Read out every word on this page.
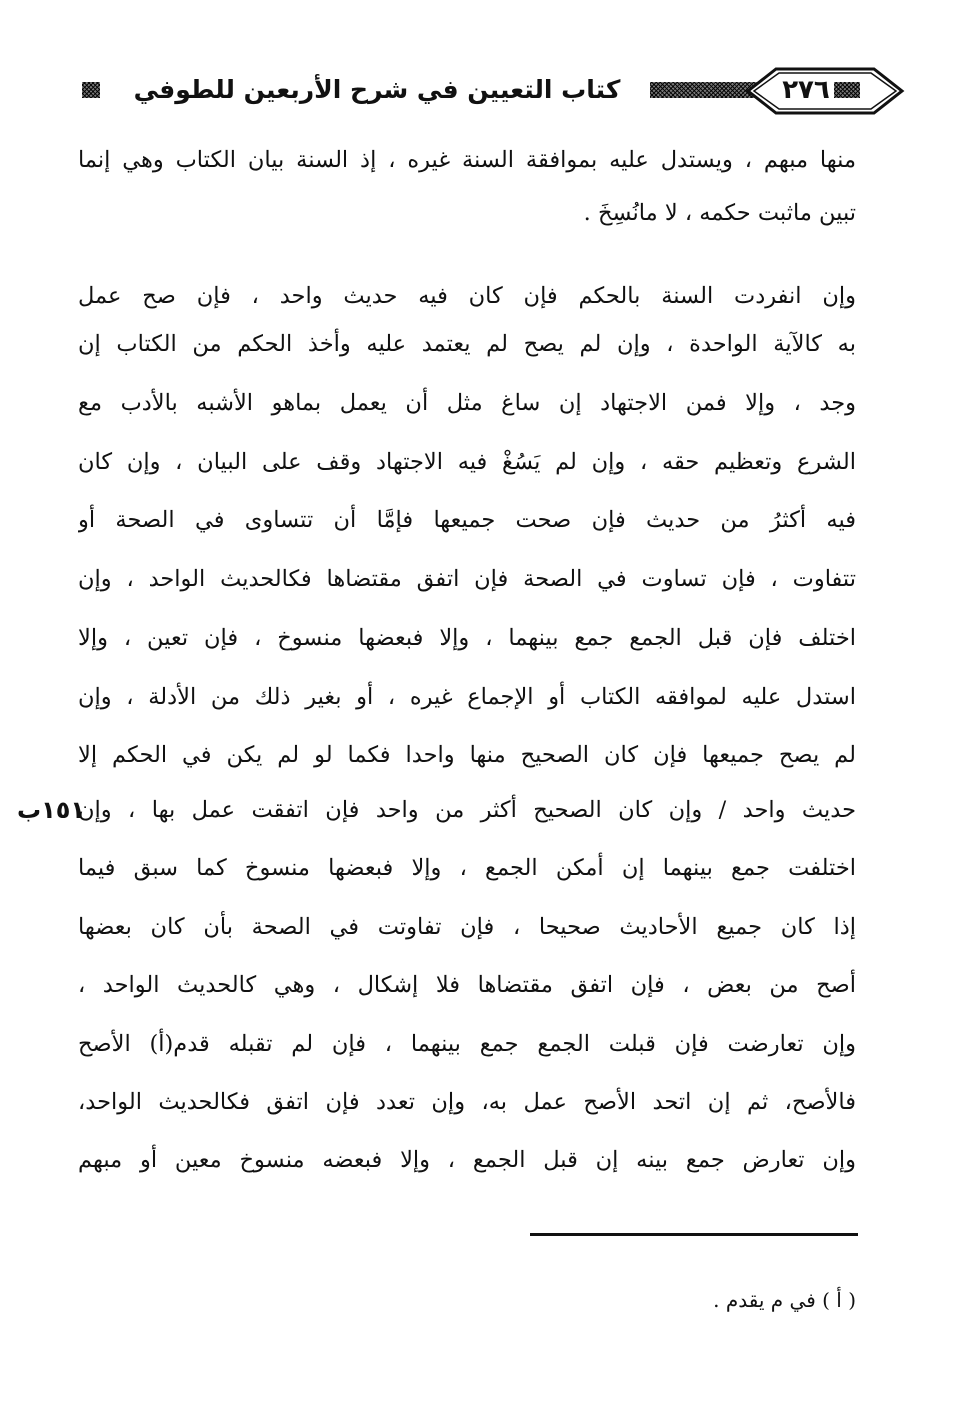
كتاب التعيين في شرح الأربعين للطوفي	٢٧٦
منها مبهم ، ويستدل عليه بموافقة السنة غيره ، إذ السنة بيان الكتاب وهي إنما
تبين ماثبت حكمه ، لا مانُسِخَ .
وإن انفردت السنة بالحكم فإن كان فيه حديث واحد ، فإن صح عمل
به كالآية الواحدة ، وإن لم يصح لم يعتمد عليه وأخذ الحكم من الكتاب إن
وجد ، وإلا فمن الاجتهاد إن ساغ مثل أن يعمل بماهو الأشبه بالأدب مع
الشرع وتعظيم حقه ، وإن لم يَسُغْ فيه الاجتهاد وقف على البيان ، وإن كان
فيه أكثرُ من حديث فإن صحت جميعها فإمَّا أن تتساوى في الصحة أو
تتفاوت ، فإن تساوت في الصحة فإن اتفق مقتضاها فكالحديث الواحد ، وإن
اختلف فإن قبل الجمع جمع بينهما ، وإلا فبعضها منسوخ ، فإن تعين ، وإلا
استدل عليه لموافقه الكتاب أو الإجماع غيره ، أو بغير ذلك من الأدلة ، وإن
لم يصح جميعها فإن كان الصحيح منها واحدا فكما لو لم يكن في الحكم إلا
حديث واحد / وإن كان الصحيح أكثر من واحد فإن اتفقت عمل بها ، وإن
اختلفت جمع بينهما إن أمكن الجمع ، وإلا فبعضها منسوخ كما سبق فيما
إذا كان جميع الأحاديث صحيحا ، فإن تفاوتت في الصحة بأن كان بعضها
أصح من بعض ، فإن اتفق مقتضاها فلا إشكال ، وهي كالحديث الواحد ،
وإن تعارضت فإن قبلت الجمع جمع بينهما ، فإن لم تقبله قدم(أ) الأصح
فالأصح، ثم إن اتحد الأصح عمل به، وإن تعدد فإن اتفق فكالحديث الواحد،
وإن تعارض جمع بينه إن قبل الجمع ، وإلا فبعضه منسوخ معين أو مبهم
١٥١ب
( أ ) في م يقدم .
